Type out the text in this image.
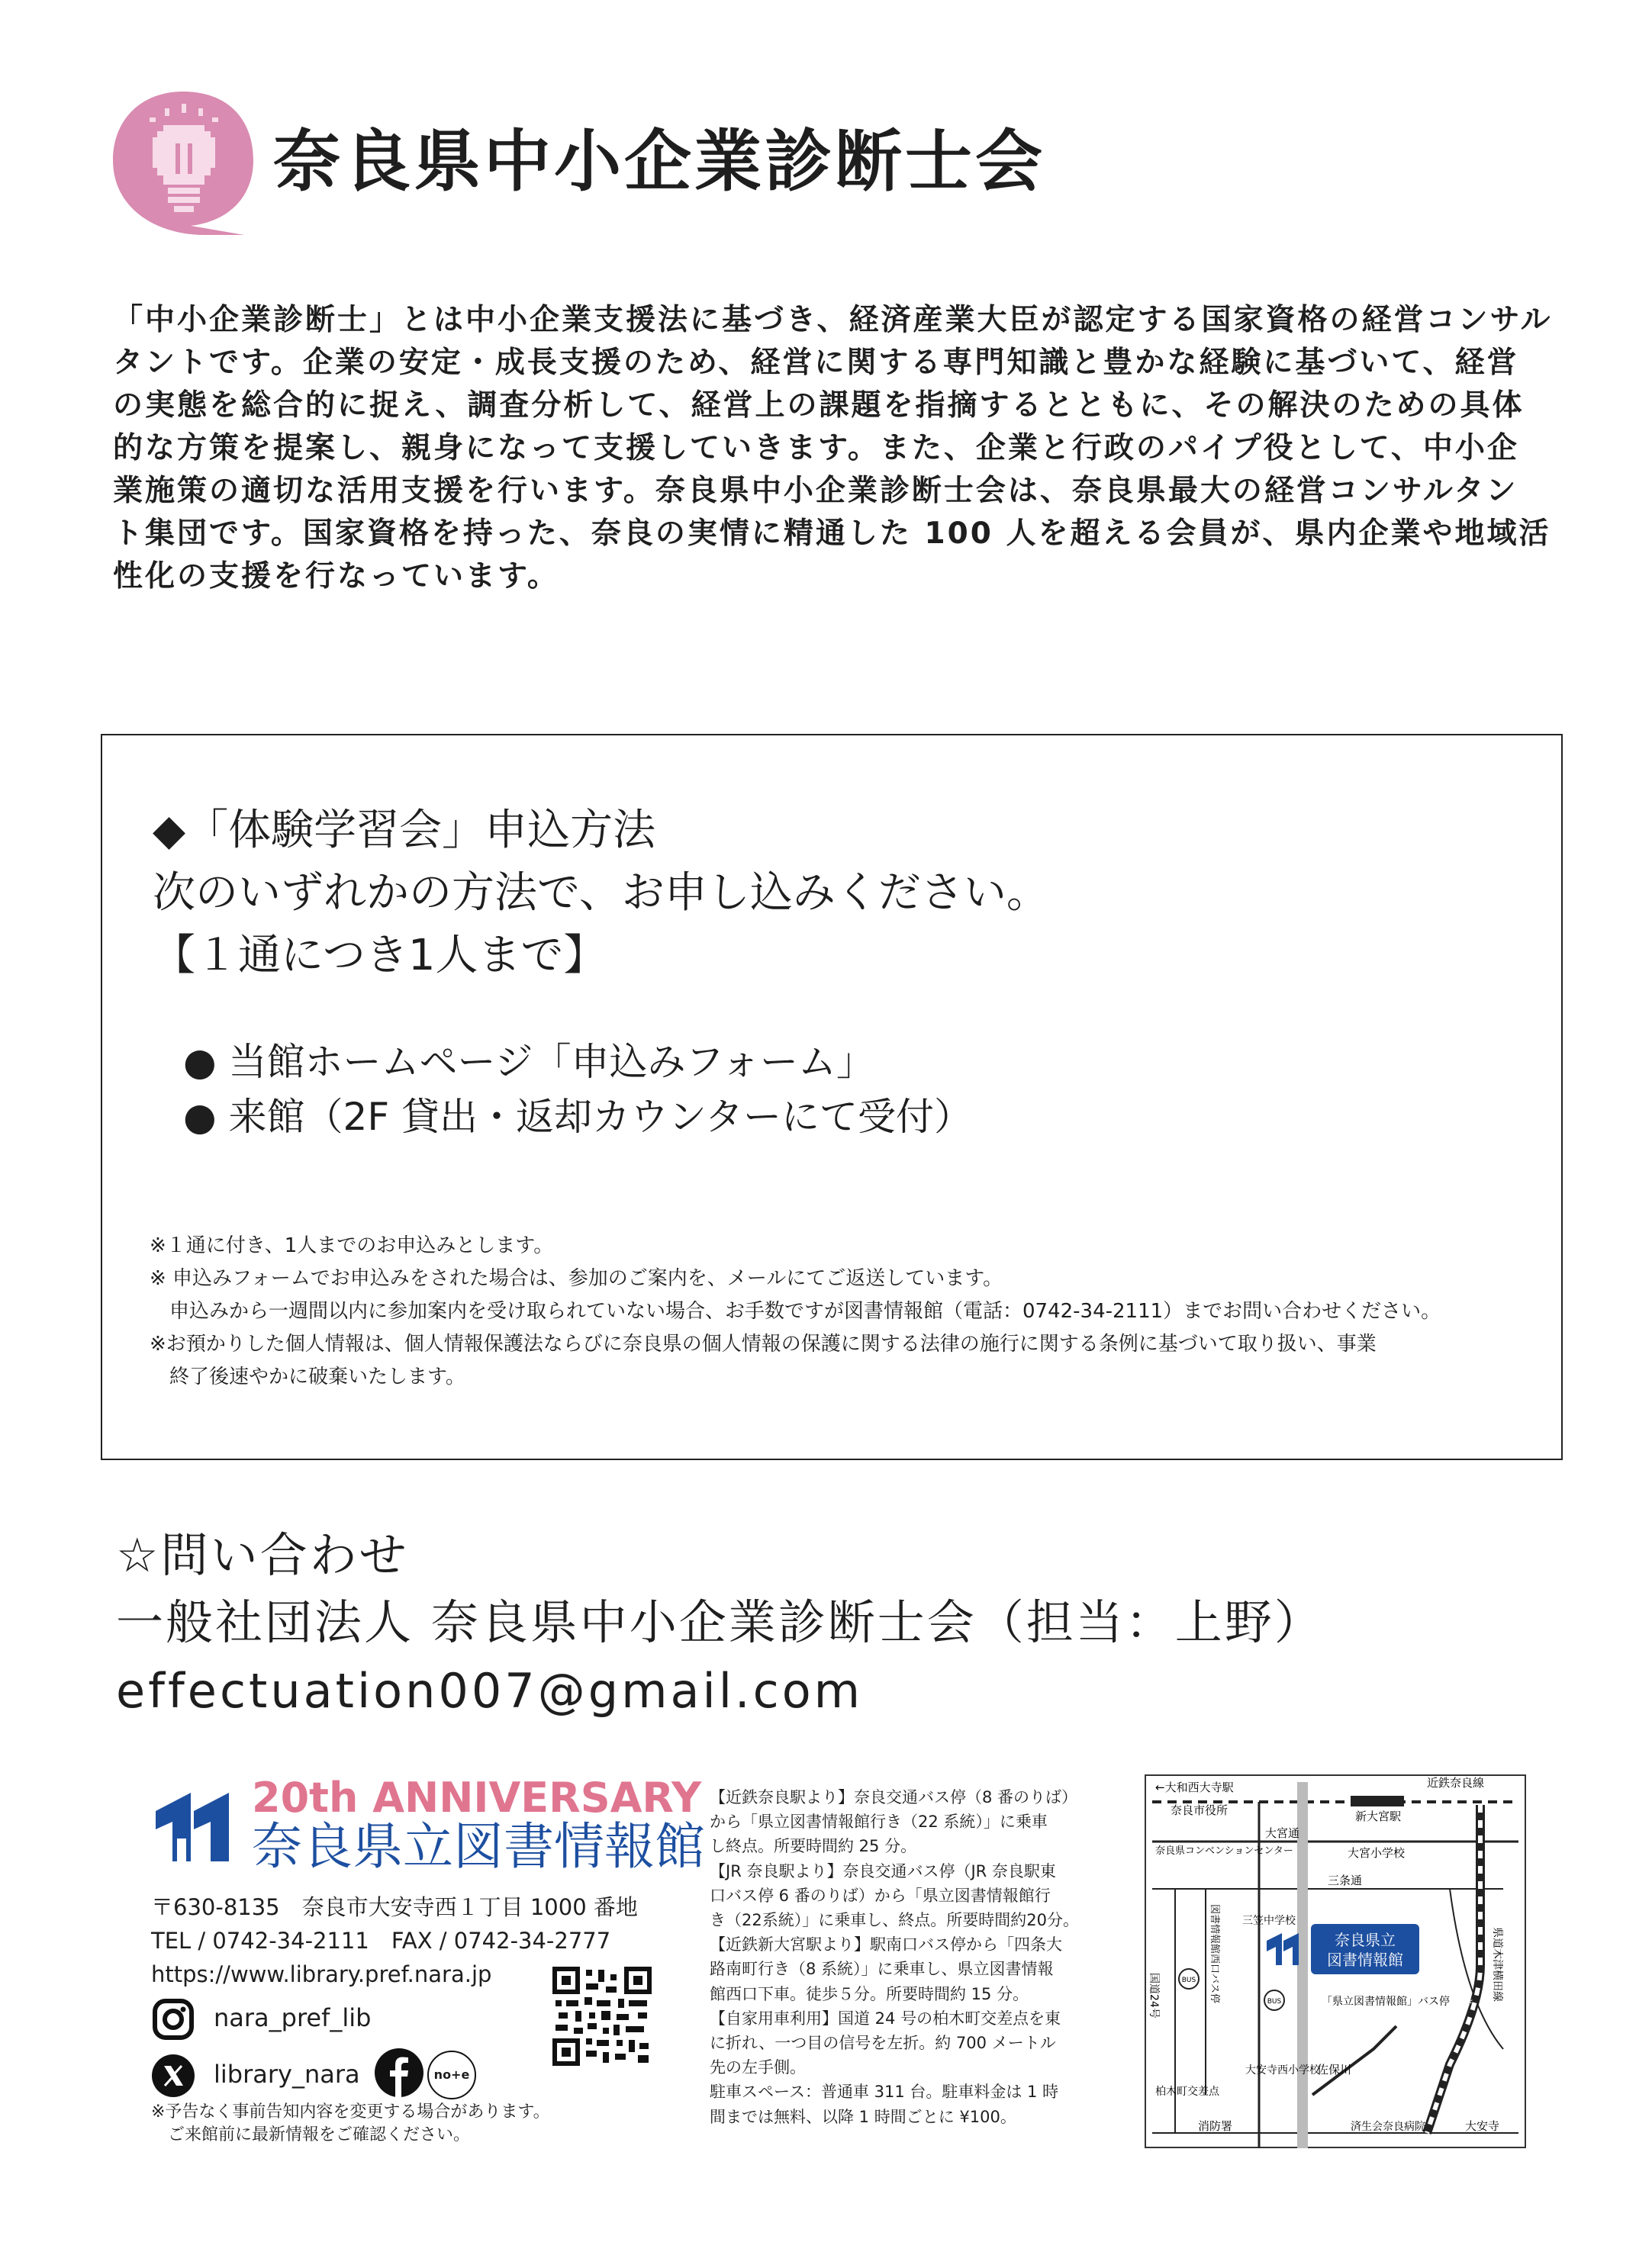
奈良県中小企業診断士会
「中小企業診断士」とは中小企業支援法に基づき、経済産業大臣が認定する国家資格の経営コンサル
タントです。企業の安定・成長支援のため、経営に関する専門知識と豊かな経験に基づいて、経営
の実態を総合的に捉え、調査分析して、経営上の課題を指摘するとともに、その解決のための具体
的な方策を提案し、親身になって支援していきます。また、企業と行政のパイプ役として、中小企
業施策の適切な活用支援を行います。奈良県中小企業診断士会は、奈良県最大の経営コンサルタン
ト集団です。国家資格を持った、奈良の実情に精通した 100 人を超える会員が、県内企業や地域活
性化の支援を行なっています。
◆「体験学習会」申込方法
次のいずれかの方法で、お申し込みください。
【１通につき1人まで】
● 当館ホームページ「申込みフォーム」
● 来館（2F 貸出・返却カウンターにて受付）
※１通に付き、1人までのお申込みとします。
※ 申込みフォームでお申込みをされた場合は、参加のご案内を、メールにてご返送しています。
　申込みから一週間以内に参加案内を受け取られていない場合、お手数ですが図書情報館（電話：0742-34-2111）までお問い合わせください。
※お預かりした個人情報は、個人情報保護法ならびに奈良県の個人情報の保護に関する法律の施行に関する条例に基づいて取り扱い、事業
　終了後速やかに破棄いたします。
☆問い合わせ
一般社団法人 奈良県中小企業診断士会（担当：上野）
effectuation007@gmail.com
20th ANNIVERSARY
奈良県立図書情報館
〒630-8135　奈良市大安寺西１丁目 1000 番地
TEL / 0742-34-2111　FAX / 0742-34-2777
https://www.library.pref.nara.jp
nara_pref_lib
library_nara	no+e
※予告なく事前告知内容を変更する場合があります。
　ご来館前に最新情報をご確認ください。
【近鉄奈良駅より】奈良交通バス停（8 番のりば）
から「県立図書情報館行き（22 系統）」に乗車
し終点。所要時間約 25 分。
【JR 奈良駅より】奈良交通バス停（JR 奈良駅東
口バス停 6 番のりば）から「県立図書情報館行
き（22系統）」に乗車し、終点。所要時間約20分。
【近鉄新大宮駅より】駅南口バス停から「四条大
路南町行き（8 系統）」に乗車し、県立図書情報
館西口下車。徒歩５分。所要時間約 15 分。
【自家用車利用】国道 24 号の柏木町交差点を東
に折れ、一つ目の信号を左折。約 700 メートル
先の左手側。
駐車スペース：普通車 311 台。駐車料金は 1 時
間までは無料、以降 1 時間ごとに ¥100。
奈良県立
図書情報館
BUS
BUS
←大和西大寺駅
奈良市役所
近鉄奈良線
新大宮駅
奈良県コンベンションセンター
大宮通
大宮小学校
三条通
三笠中学校
「県立図書情報館」バス停
大安寺西小学校
佐保川
柏木町交差点
消防署	済生会奈良病院	大安寺
県道木津横田線
国道24号	図書情報館西口バス停
JR奈良線
